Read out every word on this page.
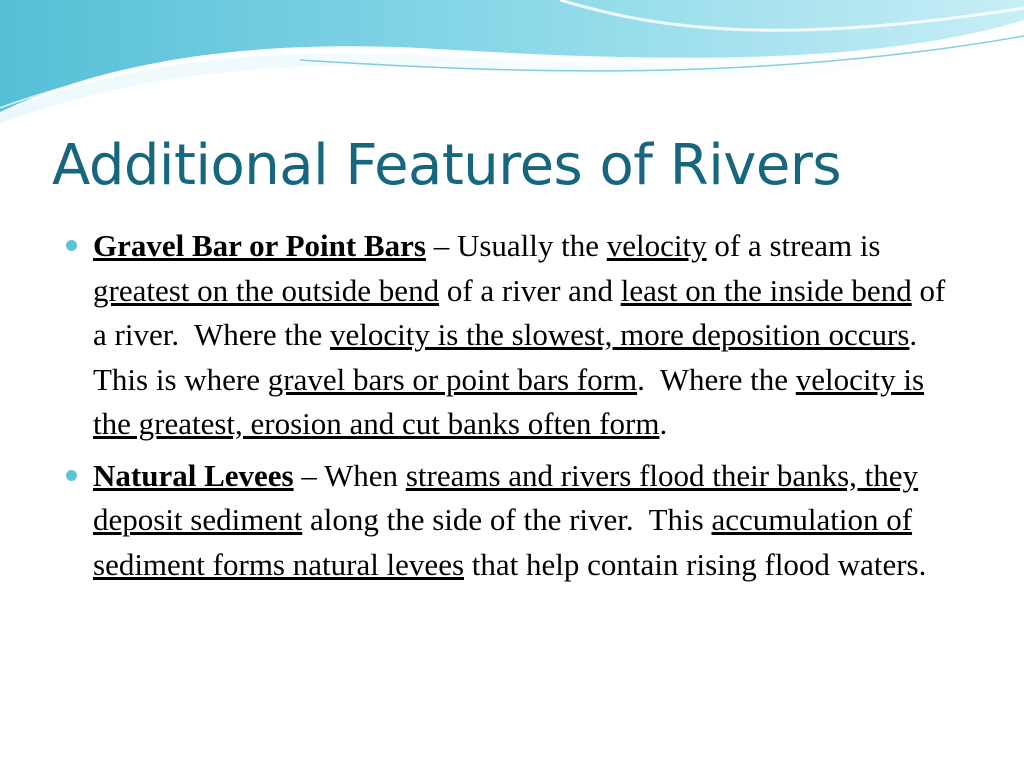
Additional Features of Rivers

Gravel Bar or Point Bars – Usually the velocity of a stream is greatest on the outside bend of a river and least on the inside bend of a river.  Where the velocity is the slowest, more deposition occurs.  This is where gravel bars or point bars form.  Where the velocity is the greatest, erosion and cut banks often form.

Natural Levees – When streams and rivers flood their banks, they deposit sediment along the side of the river.  This accumulation of sediment forms natural levees that help contain rising flood waters.
